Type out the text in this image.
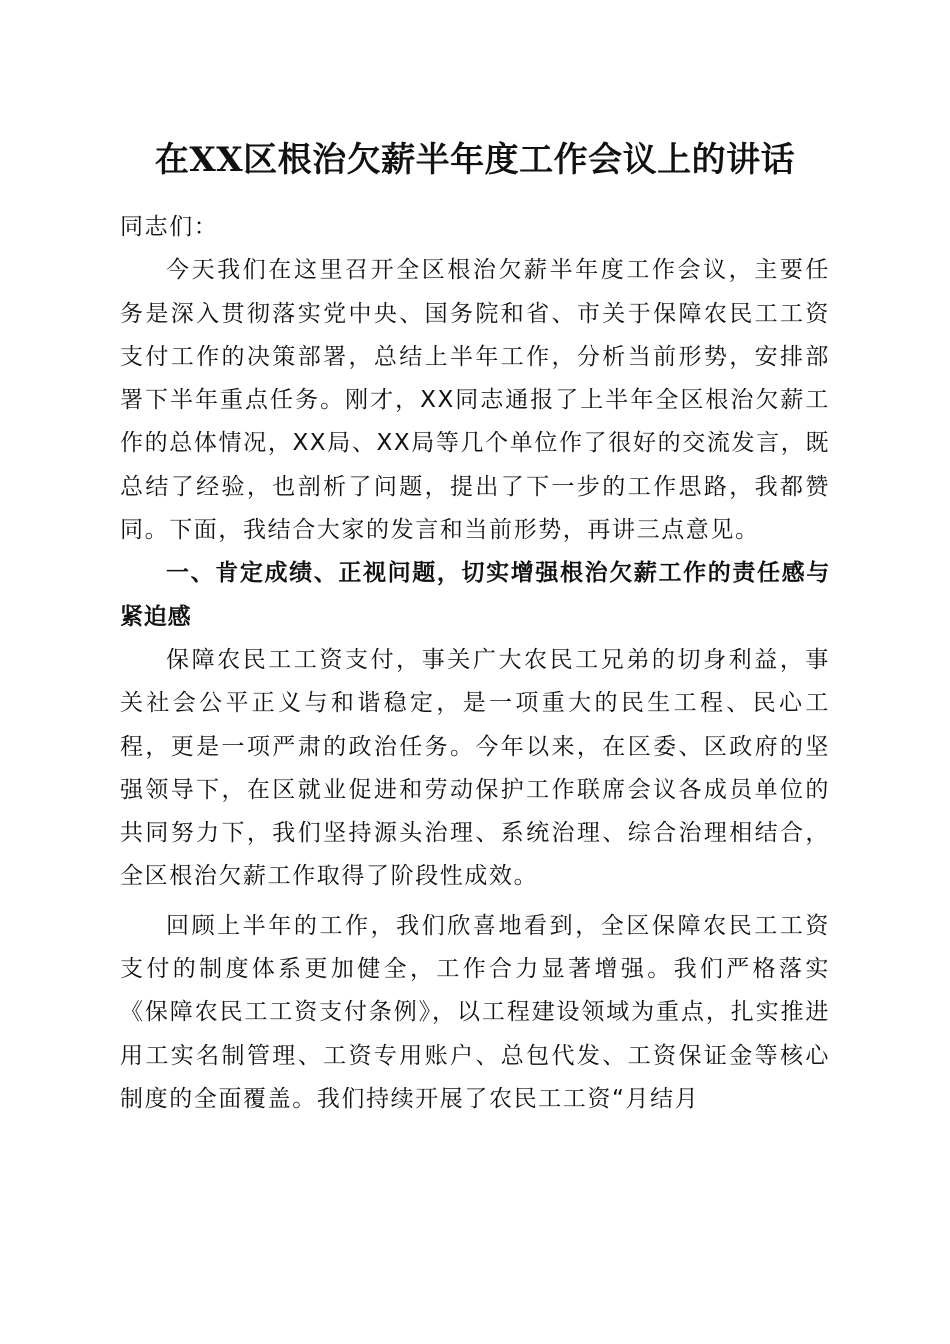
在XX区根治欠薪半年度工作会议上的讲话

同志们：

今天我们在这里召开全区根治欠薪半年度工作会议，主要任务是深入贯彻落实党中央、国务院和省、市关于保障农民工工资支付工作的决策部署，总结上半年工作，分析当前形势，安排部署下半年重点任务。刚才，XX同志通报了上半年全区根治欠薪工作的总体情况，XX局、XX局等几个单位作了很好的交流发言，既总结了经验，也剖析了问题，提出了下一步的工作思路，我都赞同。下面，我结合大家的发言和当前形势，再讲三点意见。

一、肯定成绩、正视问题，切实增强根治欠薪工作的责任感与紧迫感

保障农民工工资支付，事关广大农民工兄弟的切身利益，事关社会公平正义与和谐稳定，是一项重大的民生工程、民心工程，更是一项严肃的政治任务。今年以来，在区委、区政府的坚强领导下，在区就业促进和劳动保护工作联席会议各成员单位的共同努力下，我们坚持源头治理、系统治理、综合治理相结合，全区根治欠薪工作取得了阶段性成效。

回顾上半年的工作，我们欣喜地看到，全区保障农民工工资支付的制度体系更加健全，工作合力显著增强。我们严格落实《保障农民工工资支付条例》，以工程建设领域为重点，扎实推进用工实名制管理、工资专用账户、总包代发、工资保证金等核心制度的全面覆盖。我们持续开展了农民工工资“月结月
